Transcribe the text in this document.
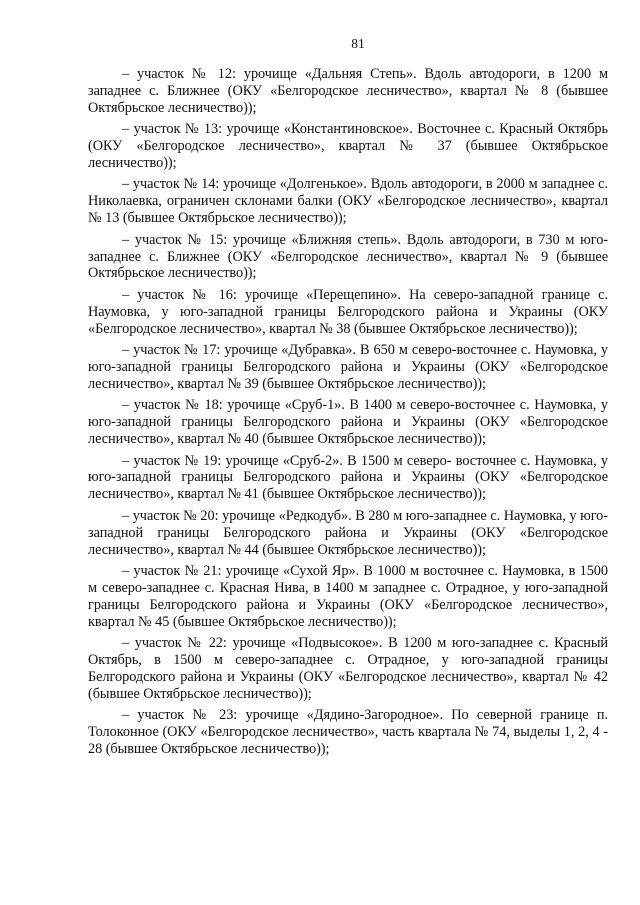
81

– участок № 12: урочище «Дальняя Степь». Вдоль автодороги, в 1200 м западнее с. Ближнее (ОКУ «Белгородское лесничество», квартал № 8 (бывшее Октябрьское лесничество));

– участок № 13: урочище «Константиновское». Восточнее с. Красный Октябрь (ОКУ «Белгородское лесничество», квартал № 37 (бывшее Октябрьское лесничество));

– участок № 14: урочище «Долгенькое». Вдоль автодороги, в 2000 м западнее с. Николаевка, ограничен склонами балки (ОКУ «Белгородское лесничество», квартал № 13 (бывшее Октябрьское лесничество));

– участок № 15: урочище «Ближняя степь». Вдоль автодороги, в 730 м юго-западнее с. Ближнее (ОКУ «Белгородское лесничество», квартал № 9 (бывшее Октябрьское лесничество));

– участок № 16: урочище «Перещепино». На северо-западной границе с. Наумовка, у юго-западной границы Белгородского района и Украины (ОКУ «Белгородское лесничество», квартал № 38 (бывшее Октябрьское лесничество));

– участок № 17: урочище «Дубравка». В 650 м северо-восточнее с. Наумовка, у юго-западной границы Белгородского района и Украины (ОКУ «Белгородское лесничество», квартал № 39 (бывшее Октябрьское лесничество));

– участок № 18: урочище «Сруб-1». В 1400 м северо-восточнее с. Наумовка, у юго-западной границы Белгородского района и Украины (ОКУ «Белгородское лесничество», квартал № 40 (бывшее Октябрьское лесничество));

– участок № 19: урочище «Сруб-2». В 1500 м северо- восточнее с. Наумовка, у юго-западной границы Белгородского района и Украины (ОКУ «Белгородское лесничество», квартал № 41 (бывшее Октябрьское лесничество));

– участок № 20: урочище «Редкодуб». В 280 м юго-западнее с. Наумовка, у юго-западной границы Белгородского района и Украины (ОКУ «Белгородское лесничество», квартал № 44 (бывшее Октябрьское лесничество));

– участок № 21: урочище «Сухой Яр». В 1000 м восточнее с. Наумовка, в 1500 м северо-западнее с. Красная Нива, в 1400 м западнее с. Отрадное, у юго-западной границы Белгородского района и Украины (ОКУ «Белгородское лесничество», квартал № 45 (бывшее Октябрьское лесничество));

– участок № 22: урочище «Подвысокое». В 1200 м юго-западнее с. Красный Октябрь, в 1500 м северо-западнее с. Отрадное, у юго-западной границы Белгородского района и Украины (ОКУ «Белгородское лесничество», квартал № 42 (бывшее Октябрьское лесничество));

– участок № 23: урочище «Дядино-Загородное». По северной границе п. Толоконное (ОКУ «Белгородское лесничество», часть квартала № 74, выделы 1, 2, 4 - 28 (бывшее Октябрьское лесничество));
